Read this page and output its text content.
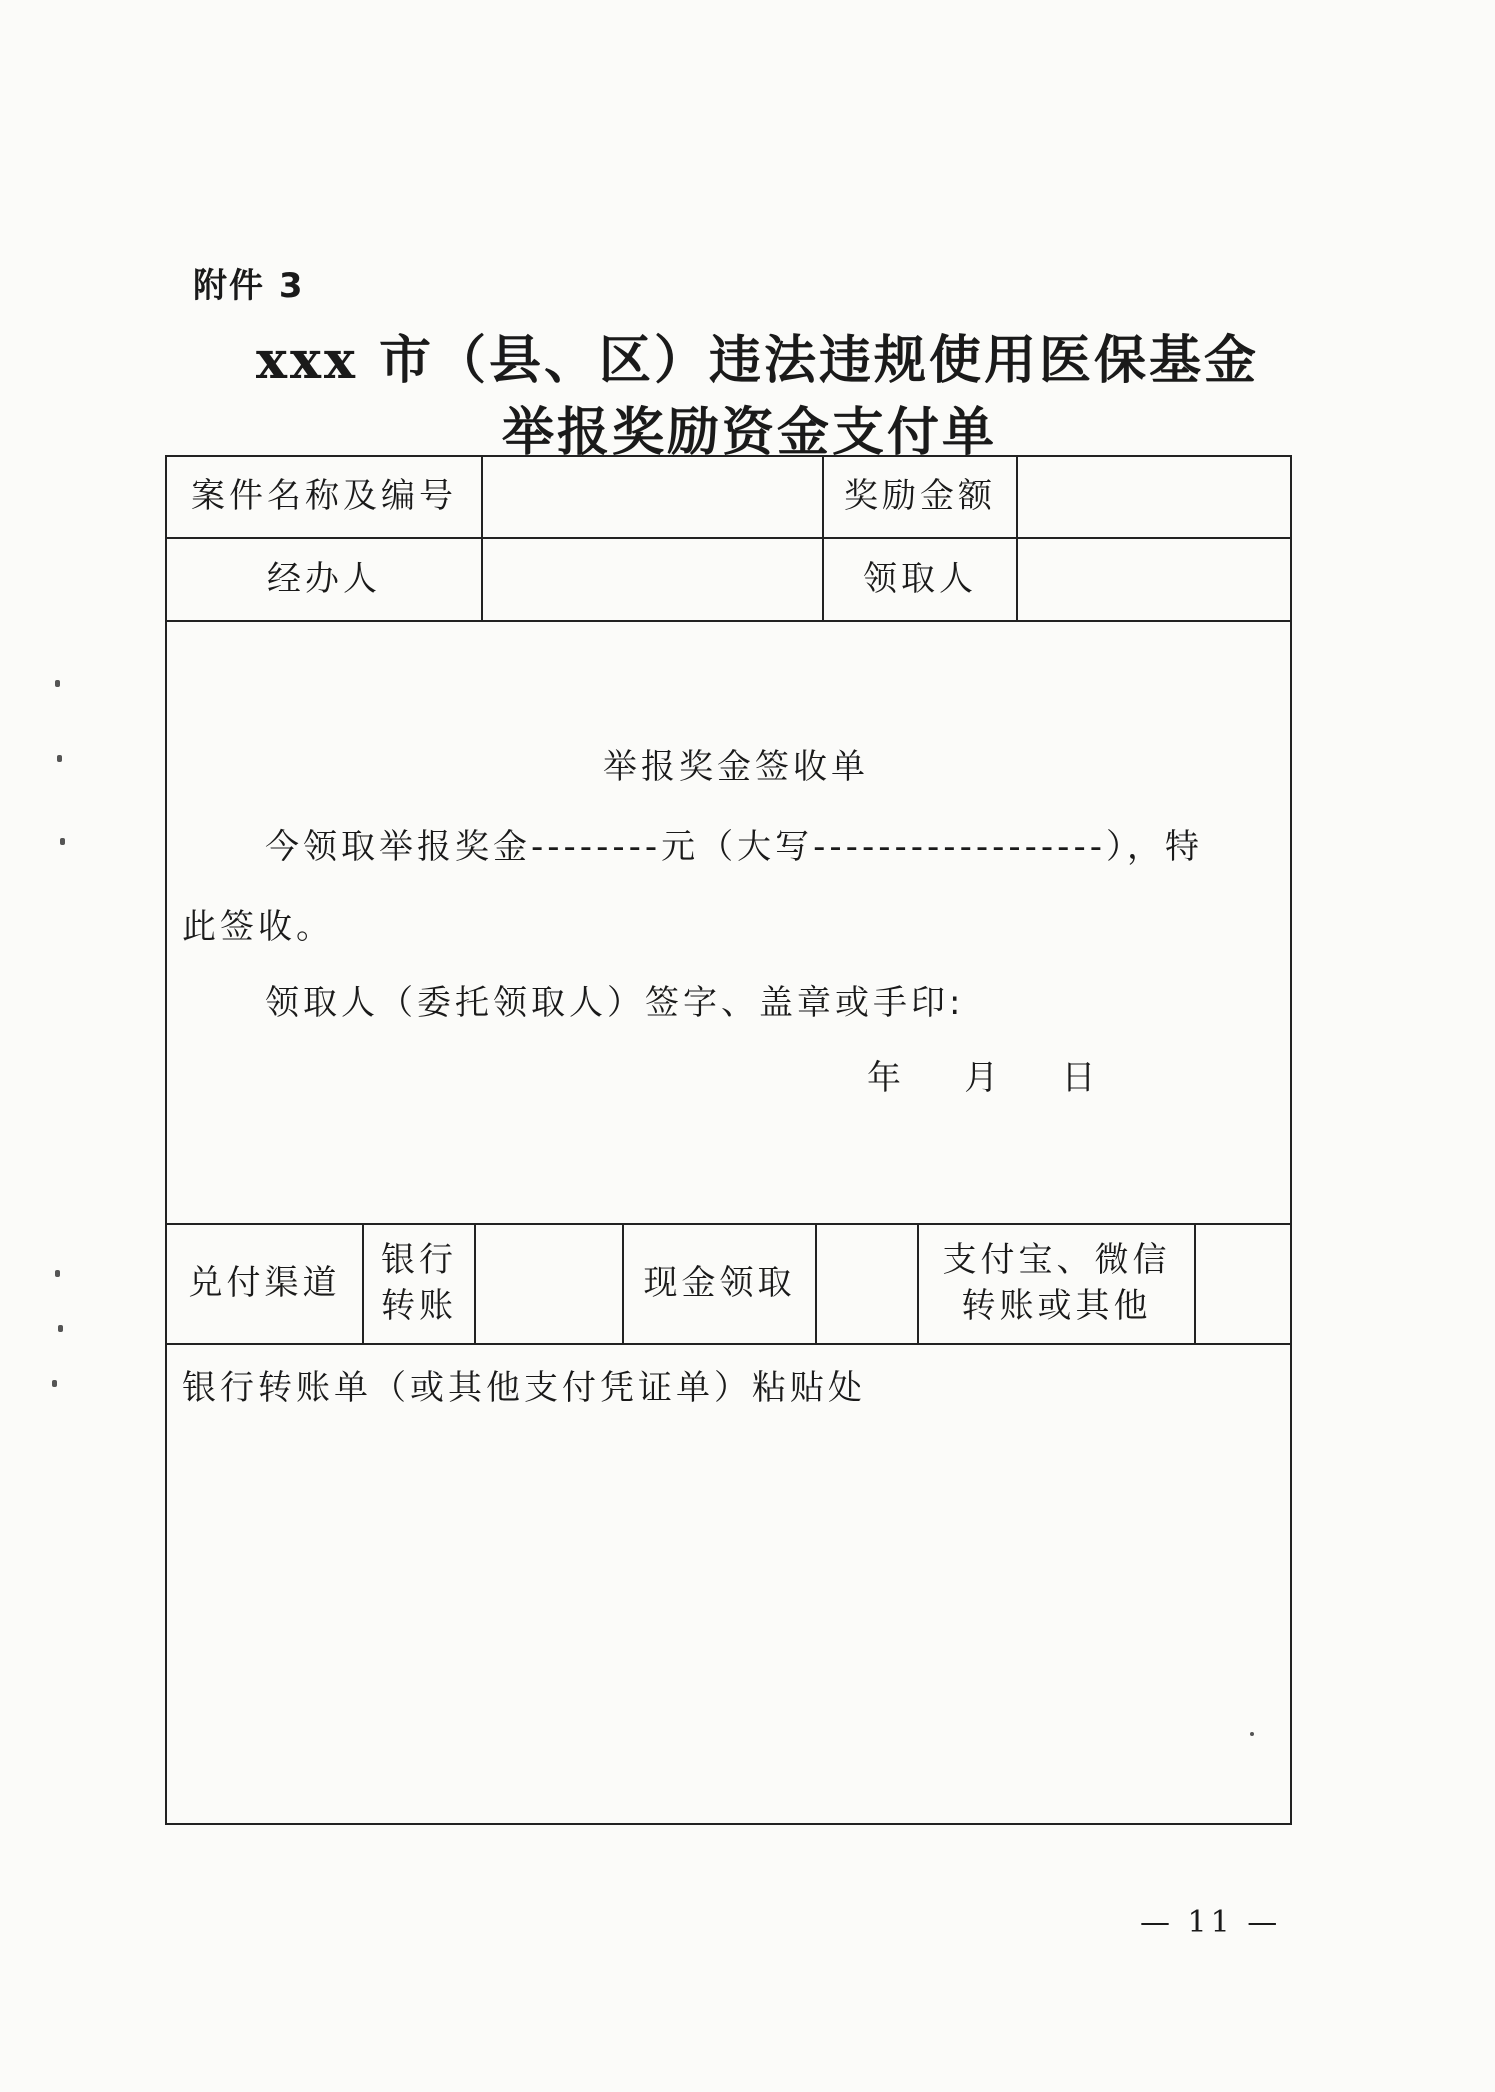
附件 3
xxx 市（县、区）违法违规使用医保基金
举报奖励资金支付单
案件名称及编号	奖励金额
经办人	领取人
举报奖金签收单
今领取举报奖金--------元（大写------------------），特
此签收。
领取人（委托领取人）签字、盖章或手印:
年    月    日
兑付渠道
银行
转账
现金领取
支付宝、微信
转账或其他
银行转账单（或其他支付凭证单）粘贴处
— 11 —
